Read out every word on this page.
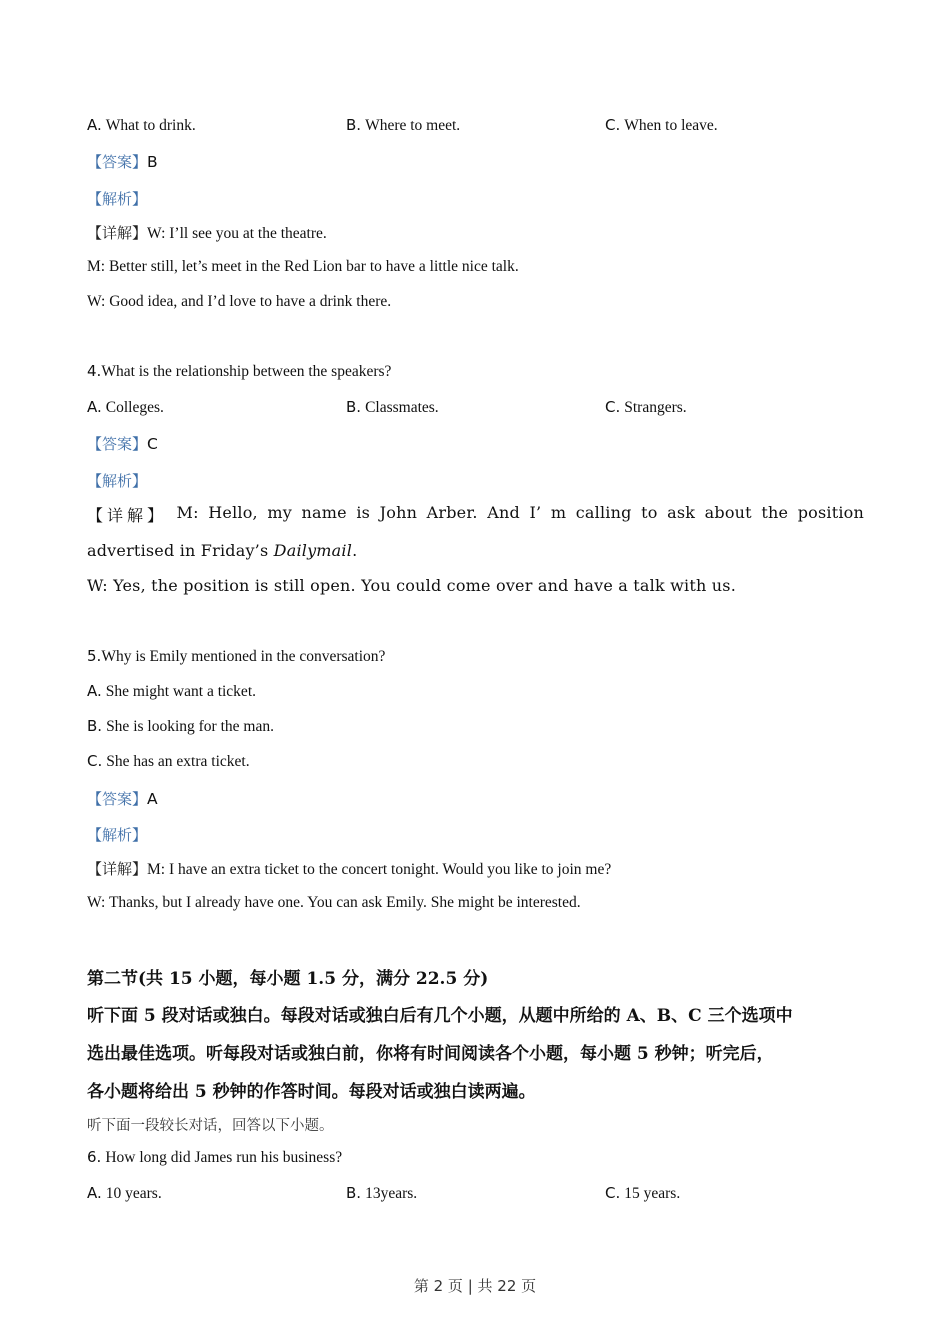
A. What to drink.	B. Where to meet.	C. When to leave.
【答案】B
【解析】
【详解】W: I’ll see you at the theatre.
M: Better still, let’s meet in the Red Lion bar to have a little nice talk.
W: Good idea, and I’d love to have a drink there.
4.What is the relationship between the speakers?
A. Colleges.	B. Classmates.	C. Strangers.
【答案】C
【解析】
【详解】 M: Hello, my name is John Arber. And I’ m calling to ask about the position
advertised in Friday’s Dailymail.
W: Yes, the position is still open. You could come over and have a talk with us.
5.Why is Emily mentioned in the conversation?
A. She might want a ticket.
B. She is looking for the man.
C. She has an extra ticket.
【答案】A
【解析】
【详解】M: I have an extra ticket to the concert tonight. Would you like to join me?
W: Thanks, but I already have one. You can ask Emily. She might be interested.
第二节(共 15 小题，每小题 1.5 分，满分 22.5 分)
听下面 5 段对话或独白。每段对话或独白后有几个小题，从题中所给的 A、B、C 三个选项中
选出最佳选项。听每段对话或独白前，你将有时间阅读各个小题，每小题 5 秒钟；听完后，
各小题将给出 5 秒钟的作答时间。每段对话或独白读两遍。
听下面一段较长对话，回答以下小题。
6. How long did James run his business?
A. 10 years.	B. 13years.	C. 15 years.
第 2 页 | 共 22 页
